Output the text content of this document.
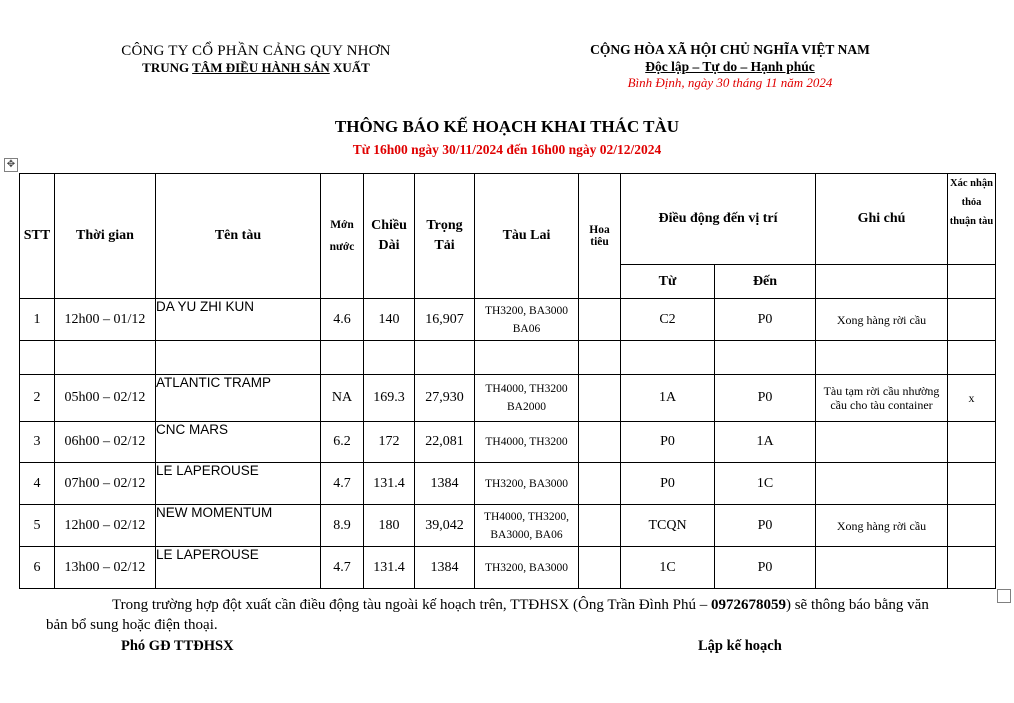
CÔNG TY CỔ PHẦN CẢNG QUY NHƠN
TRUNG TÂM ĐIỀU HÀNH SẢN XUẤT
CỘNG HÒA XÃ HỘI CHỦ NGHĨA VIỆT NAM
Độc lập – Tự do – Hạnh phúc
Bình Định, ngày 30 tháng 11 năm 2024
THÔNG BÁO KẾ HOẠCH KHAI THÁC TÀU
Từ 16h00 ngày 30/11/2024 đến 16h00 ngày 02/12/2024
✥
STT	Thời gian	Tên tàu	Mớn nước	Chiều Dài	Trọng Tải	Tàu Lai	Hoa tiêu	Điều động đến vị trí		Ghi chú	Xác nhận thỏa thuận tàu
								Từ	Đến		
1	12h00 – 01/12	DA YU ZHI KUN	4.6	140	16,907	TH3200, BA3000 BA06		C2	P0	Xong hàng rời cầu	

2	05h00 – 02/12	ATLANTIC TRAMP	NA	169.3	27,930	TH4000, TH3200 BA2000		1A	P0	Tàu tạm rời cầu nhường cầu cho tàu container	x
3	06h00 – 02/12	CNC MARS	6.2	172	22,081	TH4000, TH3200		P0	1A		
4	07h00 – 02/12	LE LAPEROUSE	4.7	131.4	1384	TH3200, BA3000		P0	1C		
5	12h00 – 02/12	NEW MOMENTUM	8.9	180	39,042	TH4000, TH3200, BA3000, BA06		TCQN	P0	Xong hàng rời cầu	
6	13h00 – 02/12	LE LAPEROUSE	4.7	131.4	1384	TH3200, BA3000		1C	P0		
Trong trường hợp đột xuất cần điều động tàu ngoài kế hoạch trên, TTĐHSX (Ông Trần Đình Phú – 0972678059) sẽ thông báo bằng văn bản bổ sung hoặc điện thoại.
Phó GĐ TTĐHSX	Lập kế hoạch
